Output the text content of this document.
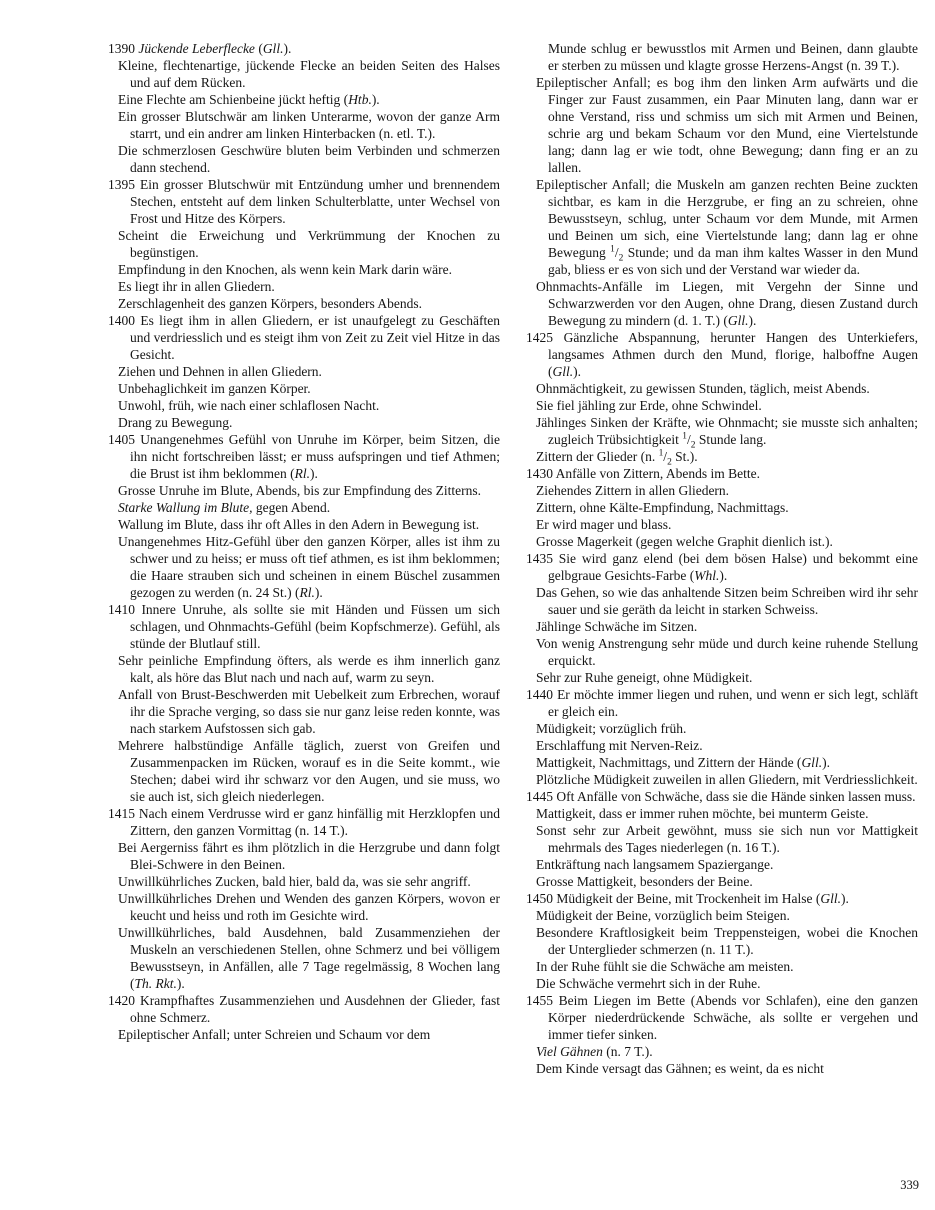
1390 Jückende Leberflecke (Gll.).

Kleine, flechtenartige, jückende Flecke an beiden Seiten des Halses und auf dem Rücken.

Eine Flechte am Schienbeine jückt heftig (Htb.).

Ein grosser Blutschwär am linken Unterarme, wovon der ganze Arm starrt, und ein andrer am linken Hinterbacken (n. etl. T.).

Die schmerzlosen Geschwüre bluten beim Verbinden und schmerzen dann stechend.

1395 Ein grosser Blutschwür mit Entzündung umher und brennendem Stechen, entsteht auf dem linken Schulterblatte, unter Wechsel von Frost und Hitze des Körpers.

Scheint die Erweichung und Verkrümmung der Knochen zu begünstigen.

Empfindung in den Knochen, als wenn kein Mark darin wäre.

Es liegt ihr in allen Gliedern.

Zerschlagenheit des ganzen Körpers, besonders Abends.

1400 Es liegt ihm in allen Gliedern, er ist unaufgelegt zu Geschäften und verdriesslich und es steigt ihm von Zeit zu Zeit viel Hitze in das Gesicht.

Ziehen und Dehnen in allen Gliedern.

Unbehaglichkeit im ganzen Körper.

Unwohl, früh, wie nach einer schlaflosen Nacht.

Drang zu Bewegung.

1405 Unangenehmes Gefühl von Unruhe im Körper, beim Sitzen, die ihn nicht fortschreiben lässt; er muss aufspringen und tief Athmen; die Brust ist ihm beklommen (Rl.).

Grosse Unruhe im Blute, Abends, bis zur Empfindung des Zitterns.

Starke Wallung im Blute, gegen Abend.

Wallung im Blute, dass ihr oft Alles in den Adern in Bewegung ist.

Unangenehmes Hitz-Gefühl über den ganzen Körper, alles ist ihm zu schwer und zu heiss; er muss oft tief athmen, es ist ihm beklommen; die Haare strauben sich und scheinen in einem Büschel zusammen gezogen zu werden (n. 24 St.) (Rl.).

1410 Innere Unruhe, als sollte sie mit Händen und Füssen um sich schlagen, und Ohnmachts-Gefühl (beim Kopfschmerze). Gefühl, als stünde der Blutlauf still.

Sehr peinliche Empfindung öfters, als werde es ihm innerlich ganz kalt, als höre das Blut nach und nach auf, warm zu seyn.

Anfall von Brust-Beschwerden mit Uebelkeit zum Erbrechen, worauf ihr die Sprache verging, so dass sie nur ganz leise reden konnte, was nach starkem Aufstossen sich gab.

Mehrere halbstündige Anfälle täglich, zuerst von Greifen und Zusammenpacken im Rücken, worauf es in die Seite kommt., wie Stechen; dabei wird ihr schwarz vor den Augen, und sie muss, wo sie auch ist, sich gleich niederlegen.

1415 Nach einem Verdrusse wird er ganz hinfällig mit Herzklopfen und Zittern, den ganzen Vormittag (n. 14 T.).

Bei Aergerniss fährt es ihm plötzlich in die Herzgrube und dann folgt Blei-Schwere in den Beinen.

Unwillkührliches Zucken, bald hier, bald da, was sie sehr angriff.

Unwillkührliches Drehen und Wenden des ganzen Körpers, wovon er keucht und heiss und roth im Gesichte wird.

Unwillkührliches, bald Ausdehnen, bald Zusammenziehen der Muskeln an verschiedenen Stellen, ohne Schmerz und bei völligem Bewusstseyn, in Anfällen, alle 7 Tage regelmässig, 8 Wochen lang (Th. Rkt.).

1420 Krampfhaftes Zusammenziehen und Ausdehnen der Glieder, fast ohne Schmerz.

Epileptischer Anfall; unter Schreien und Schaum vor dem

Munde schlug er bewusstlos mit Armen und Beinen, dann glaubte er sterben zu müssen und klagte grosse Herzens-Angst (n. 39 T.).

Epileptischer Anfall; es bog ihm den linken Arm aufwärts und die Finger zur Faust zusammen, ein Paar Minuten lang, dann war er ohne Verstand, riss und schmiss um sich mit Armen und Beinen, schrie arg und bekam Schaum vor den Mund, eine Viertelstunde lang; dann lag er wie todt, ohne Bewegung; dann fing er an zu lallen.

Epileptischer Anfall; die Muskeln am ganzen rechten Beine zuckten sichtbar, es kam in die Herzgrube, er fing an zu schreien, ohne Bewusstseyn, schlug, unter Schaum vor dem Munde, mit Armen und Beinen um sich, eine Viertelstunde lang; dann lag er ohne Bewegung $^1/_2$ Stunde; und da man ihm kaltes Wasser in den Mund gab, bliess er es von sich und der Verstand war wieder da.

Ohnmachts-Anfälle im Liegen, mit Vergehn der Sinne und Schwarzwerden vor den Augen, ohne Drang, diesen Zustand durch Bewegung zu mindern (d. 1. T.) (Gll.).

1425 Gänzliche Abspannung, herunter Hangen des Unterkiefers, langsames Athmen durch den Mund, florige, halboffne Augen (Gll.).

Ohnmächtigkeit, zu gewissen Stunden, täglich, meist Abends.

Sie fiel jähling zur Erde, ohne Schwindel.

Jählinges Sinken der Kräfte, wie Ohnmacht; sie musste sich anhalten; zugleich Trübsichtigkeit $^1/_2$ Stunde lang.

Zittern der Glieder (n. $^1/_2$ St.).

1430 Anfälle von Zittern, Abends im Bette.

Ziehendes Zittern in allen Gliedern.

Zittern, ohne Kälte-Empfindung, Nachmittags.

Er wird mager und blass.

Grosse Magerkeit (gegen welche Graphit dienlich ist.).

1435 Sie wird ganz elend (bei dem bösen Halse) und bekommt eine gelbgraue Gesichts-Farbe (Whl.).

Das Gehen, so wie das anhaltende Sitzen beim Schreiben wird ihr sehr sauer und sie geräth da leicht in starken Schweiss.

Jählinge Schwäche im Sitzen.

Von wenig Anstrengung sehr müde und durch keine ruhende Stellung erquickt.

Sehr zur Ruhe geneigt, ohne Müdigkeit.

1440 Er möchte immer liegen und ruhen, und wenn er sich legt, schläft er gleich ein.

Müdigkeit; vorzüglich früh.

Erschlaffung mit Nerven-Reiz.

Mattigkeit, Nachmittags, und Zittern der Hände (Gll.).

Plötzliche Müdigkeit zuweilen in allen Gliedern, mit Verdriesslichkeit.

1445 Oft Anfälle von Schwäche, dass sie die Hände sinken lassen muss.

Mattigkeit, dass er immer ruhen möchte, bei munterm Geiste.

Sonst sehr zur Arbeit gewöhnt, muss sie sich nun vor Mattigkeit mehrmals des Tages niederlegen (n. 16 T.).

Entkräftung nach langsamem Spaziergange.

Grosse Mattigkeit, besonders der Beine.

1450 Müdigkeit der Beine, mit Trockenheit im Halse (Gll.).

Müdigkeit der Beine, vorzüglich beim Steigen.

Besondere Kraftlosigkeit beim Treppensteigen, wobei die Knochen der Unterglieder schmerzen (n. 11 T.).

In der Ruhe fühlt sie die Schwäche am meisten.

Die Schwäche vermehrt sich in der Ruhe.

1455 Beim Liegen im Bette (Abends vor Schlafen), eine den ganzen Körper niederdrückende Schwäche, als sollte er vergehen und immer tiefer sinken.

Viel Gähnen (n. 7 T.).

Dem Kinde versagt das Gähnen; es weint, da es nicht

339
